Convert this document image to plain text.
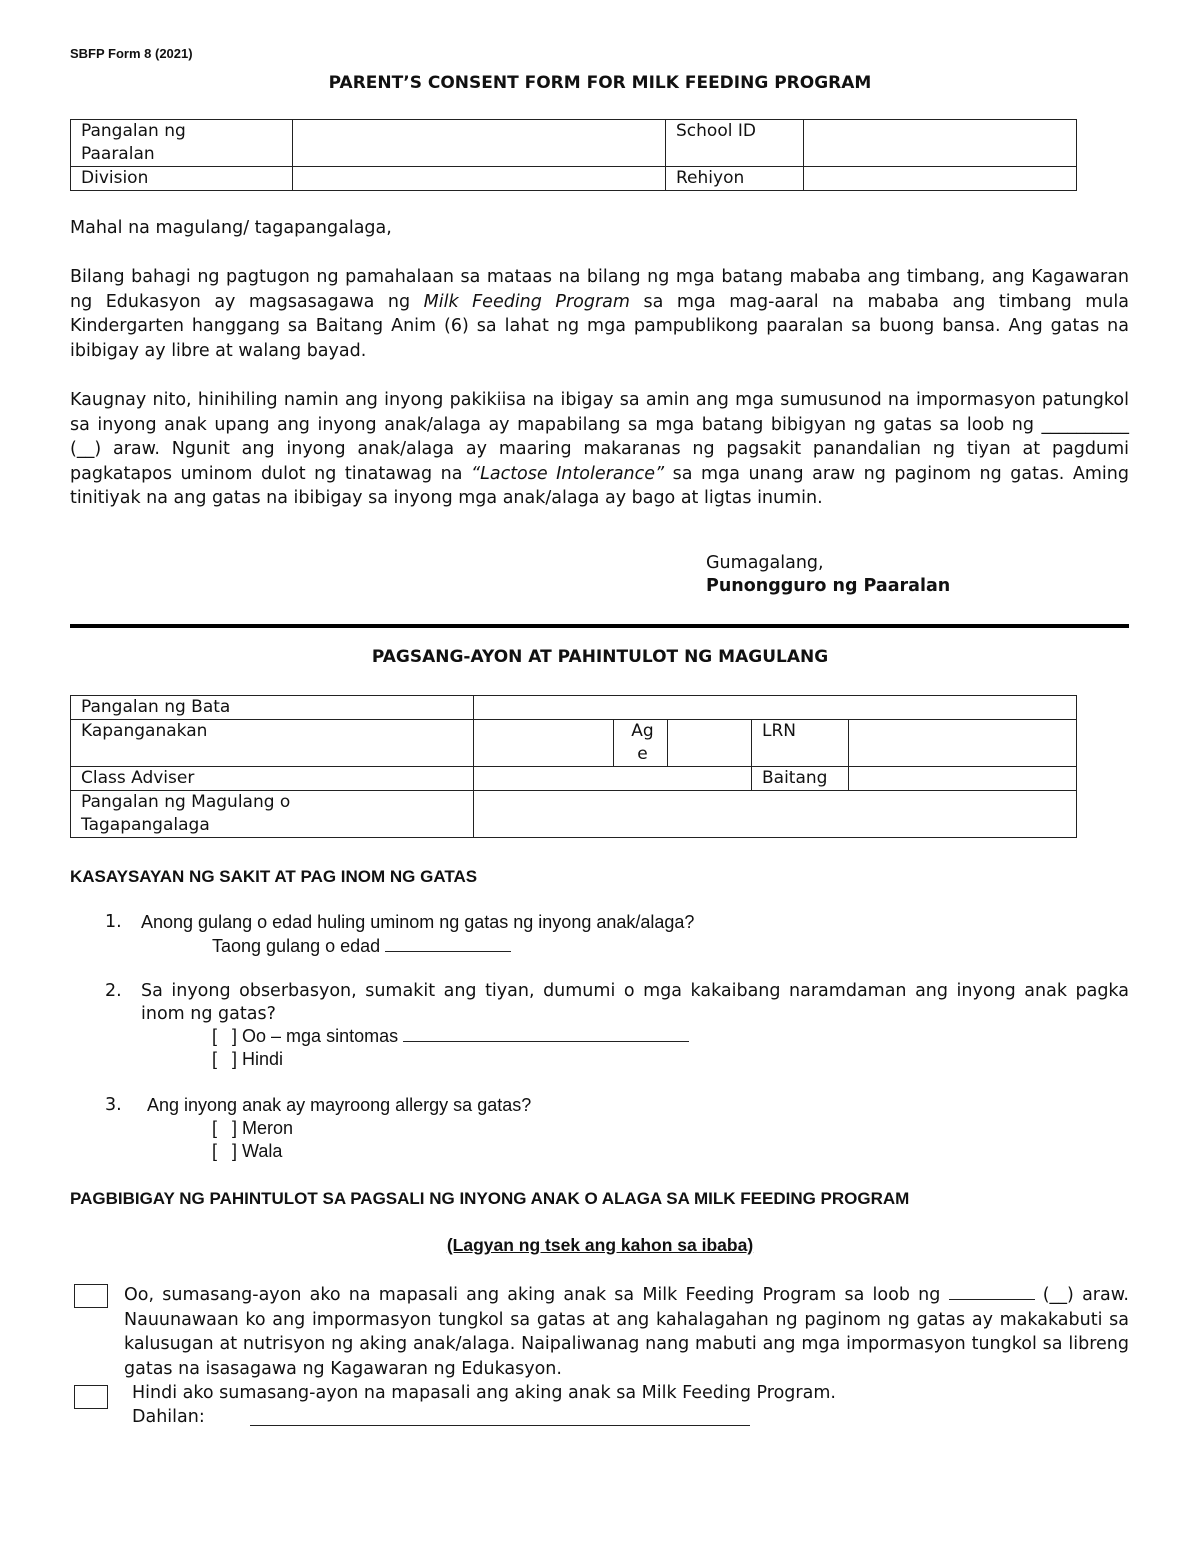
SBFP Form 8 (2021)
PARENT’S CONSENT FORM FOR MILK FEEDING PROGRAM
Pangalan ng Paaralan		School ID	
Division		Rehiyon	
Mahal na magulang/ tagapangalaga,

Bilang bahagi ng pagtugon ng pamahalaan sa mataas na bilang ng mga batang mababa ang timbang, ang Kagawaran ng Edukasyon ay magsasagawa ng Milk Feeding Program sa mga mag-aaral na mababa ang timbang mula Kindergarten hanggang sa Baitang Anim (6) sa lahat ng mga pampublikong paaralan sa buong bansa. Ang gatas na ibibigay ay libre at walang bayad.

Kaugnay nito, hinihiling namin ang inyong pakikiisa na ibigay sa amin ang mga sumusunod na impormasyon patungkol sa inyong anak upang ang inyong anak/alaga ay mapabilang sa mga batang bibigyan ng gatas sa loob ng __________ (__) araw. Ngunit ang inyong anak/alaga ay maaring makaranas ng pagsakit panandalian ng tiyan at pagdumi pagkatapos uminom dulot ng tinatawag na “Lactose Intolerance” sa mga unang araw ng paginom ng gatas. Aming tinitiyak na ang gatas na ibibigay sa inyong mga anak/alaga ay bago at ligtas inumin.

Gumagalang,
Punongguro ng Paaralan
PAGSANG-AYON AT PAHINTULOT NG MAGULANG
Pangalan ng Bata					
Kapanganakan		Ag e		LRN	
Class Adviser				Baitang	
Pangalan ng Magulang o Tagapangalaga					
KASAYSAYAN NG SAKIT AT PAG INOM NG GATAS
1. Anong gulang o edad huling uminom ng gatas ng inyong anak/alaga?
Taong gulang o edad
2. Sa inyong obserbasyon, sumakit ang tiyan, dumumi o mga kakaibang naramdaman ang inyong anak pagka inom ng gatas?
[   ] Oo – mga sintomas
[   ] Hindi
3. Ang inyong anak ay mayroong allergy sa gatas?
[   ] Meron
[   ] Wala
PAGBIBIGAY NG PAHINTULOT SA PAGSALI NG INYONG ANAK O ALAGA SA MILK FEEDING PROGRAM
(Lagyan ng tsek ang kahon sa ibaba)

Oo, sumasang-ayon ako na mapasali ang aking anak sa Milk Feeding Program sa loob ng	(__) araw. Nauunawaan ko ang impormasyon tungkol sa gatas at ang kahalagahan ng paginom ng gatas ay makakabuti sa kalusugan at nutrisyon ng aking anak/alaga. Naipaliwanag nang mabuti ang mga impormasyon tungkol sa libreng gatas na isasagawa ng Kagawaran ng Edukasyon.

Hindi ako sumasang-ayon na mapasali ang aking anak sa Milk Feeding Program.
Dahilan:
